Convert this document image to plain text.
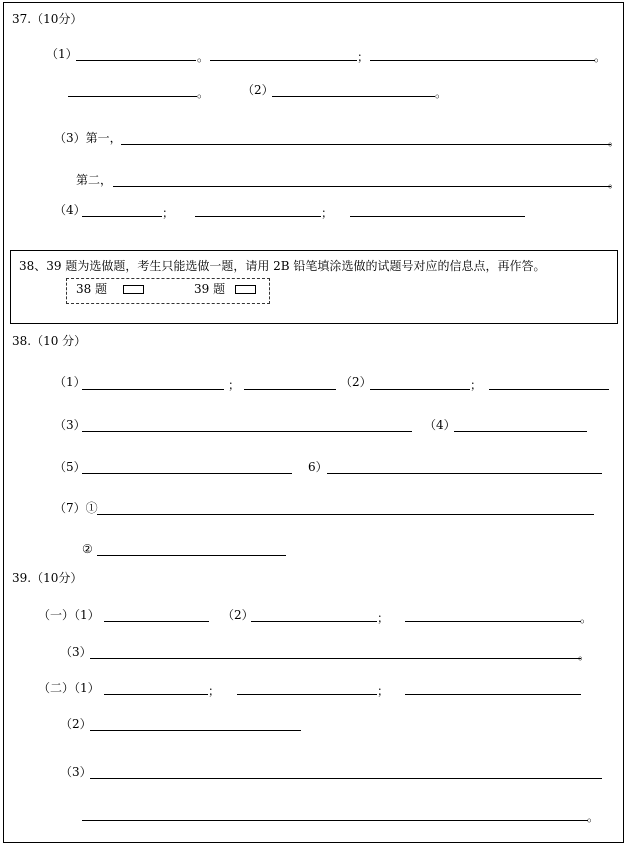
37.（10分）
（1）	。	；	。
。	（2）	。
（3）第一，	。
第二，	。
（4）	；	；
38、39 题为选做题，考生只能选做一题，请用 2B 铅笔填涂选做的试题号对应的信息点，再作答。
38 题	39 题
38.（10 分）
（1）	；	（2）	；
（3）	（4）
（5）	6）
（7）①
②
39.（10分）
（一）（1）	（2）	；	。
（3）	。
（二）（1）	；	；
（2）
（3）
。
